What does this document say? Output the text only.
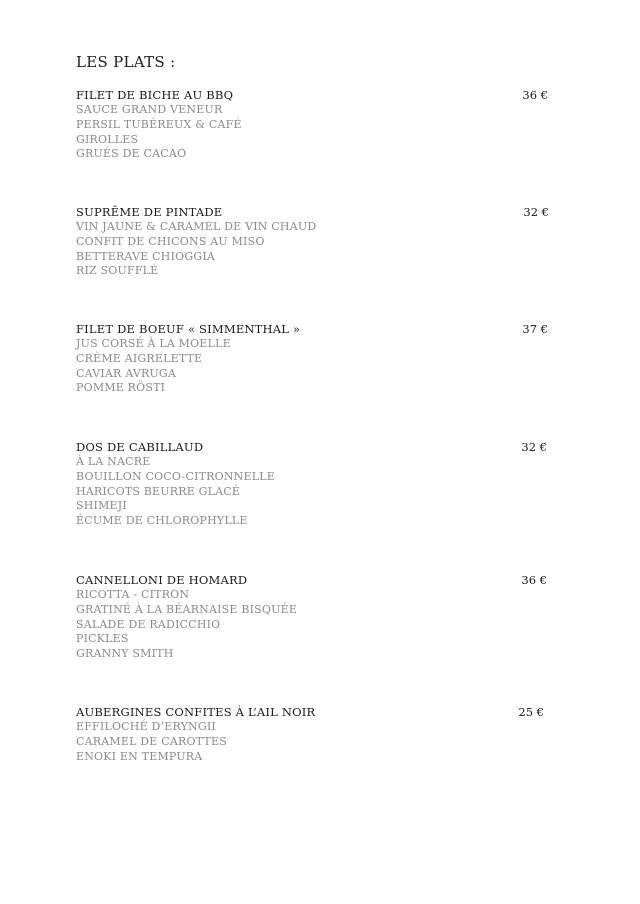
LES PLATS :
FILET DE BICHE AU BBQ	36 €
SAUCE GRAND VENEUR
PERSIL TUBÉREUX & CAFÉ
GIROLLES
GRUÉS DE CACAO
SUPRÊME DE PINTADE	32 €
VIN JAUNE & CARAMEL DE VIN CHAUD
CONFIT DE CHICONS AU MISO
BETTERAVE CHIOGGIA
RIZ SOUFFLÉ
FILET DE BOEUF « SIMMENTHAL »	37 €
JUS CORSÉ À LA MOELLE
CRÈME AIGRELETTE
CAVIAR AVRUGA
POMME RÖSTI
DOS DE CABILLAUD	32 €
À LA NACRE
BOUILLON COCO-CITRONNELLE
HARICOTS BEURRE GLACÉ
SHIMEJI
ÉCUME DE CHLOROPHYLLE
CANNELLONI DE HOMARD	36 €
RICOTTA - CITRON
GRATINÉ À LA BÉARNAISE BISQUÉE
SALADE DE RADICCHIO
PICKLES
GRANNY SMITH
AUBERGINES CONFITES À L’AIL NOIR	25 €
EFFILOCHÉ D’ERYNGII
CARAMEL DE CAROTTES
ENOKI EN TEMPURA
